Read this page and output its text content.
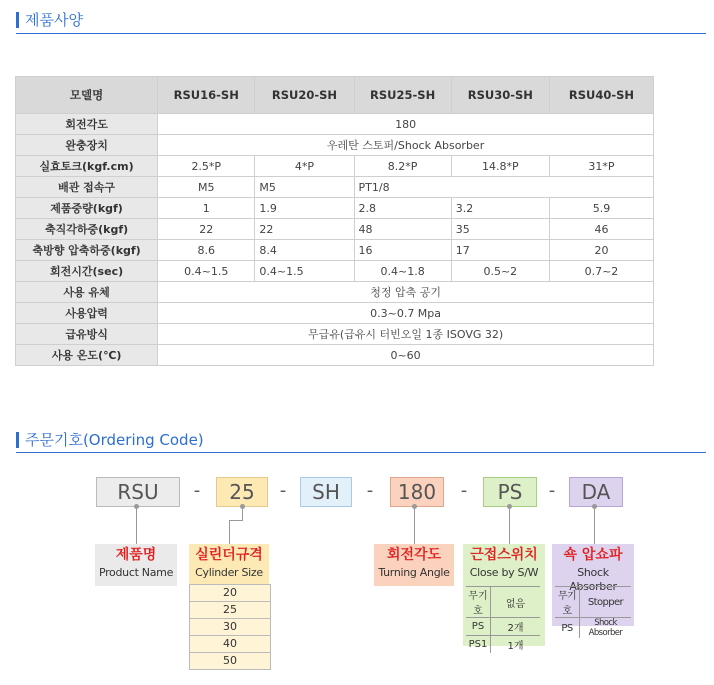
제품사양
모델명	RSU16-SH	RSU20-SH	RSU25-SH	RSU30-SH	RSU40-SH
회전각도	180				
완충장치	우레탄 스토퍼/Shock Absorber				
실효토크(kgf.cm)	2.5*P	4*P	8.2*P	14.8*P	31*P
배관 접속구	M5	M5	PT1/8		
제품중량(kgf)	1	1.9	2.8	3.2	5.9
축직각하중(kgf)	22	22	48	35	46
축방향 압축하중(kgf)	8.6	8.4	16	17	20
회전시간(sec)	0.4~1.5	0.4~1.5	0.4~1.8	0.5~2	0.7~2
사용 유체	청정 압축 공기				
사용압력	0.3~0.7 Mpa				
급유방식	무급유(급유시 터빈오일 1종 ISOVG 32)				
사용 온도(℃)	0~60				
주문기호(Ordering Code)
RSU	-	25	-	SH	-	180	-	PS	-	DA
제품명
Product Name
실린더규격
Cylinder Size
20
25
30
40
50
회전각도
Turning Angle
근접스위치
Close by S/W
무기호	없음
PS	2개
PS1	1개
쇽 압쇼파
Shock Absorber
무기호	Stopper
PS	Shock Absorber
